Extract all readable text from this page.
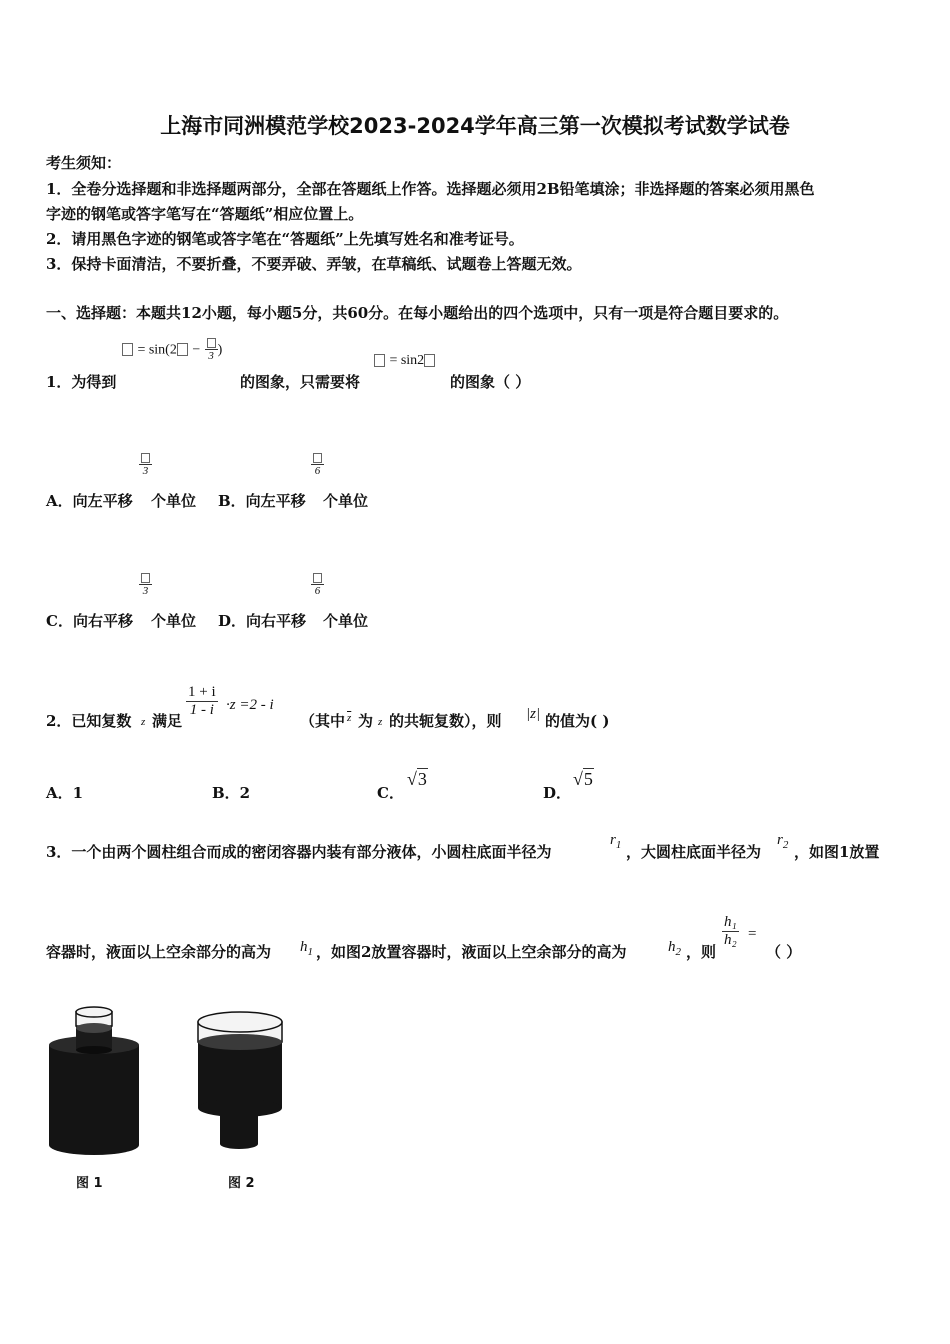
上海市同洲模范学校2023-2024学年高三第一次模拟考试数学试卷
考生须知：
1．全卷分选择题和非选择题两部分，全部在答题纸上作答。选择题必须用2B铅笔填涂；非选择题的答案必须用黑色
字迹的钢笔或答字笔写在“答题纸”相应位置上。
2．请用黑色字迹的钢笔或答字笔在“答题纸”上先填写姓名和准考证号。
3．保持卡面清洁，不要折叠，不要弄破、弄皱，在草稿纸、试题卷上答题无效。
一、选择题：本题共12小题，每小题5分，共60分。在每小题给出的四个选项中，只有一项是符合题目要求的。
= sin(2 − 3 )
= sin2
1．为得到	的图象，只需要将	的图象（ ）
3	6
A．向左平移 个单位 B．向左平移 个单位
3	6
C．向右平移 个单位 D．向右平移 个单位
2．已知复数 z 满足
$\frac{1 + i}{1 - i} \cdot z =2 - i$
（其中 $\overline{z}$ 为 z 的共轭复数），则 |z| 的值为( )
A．1	B．2	C．
√3
D．
√5
3．一个由两个圆柱组合而成的密闭容器内装有部分液体，小圆柱底面半径为
$r_1$ ，大圆柱底面半径为
$r_2$ ，如图1放置
容器时，液面以上空余部分的高为 $h_1$ ，如图2放置容器时，液面以上空余部分的高为	$h_2$ ，则
$\frac{\text{h₁}}{\text{h₂}}$ =
（ ）
图 1	图 2
